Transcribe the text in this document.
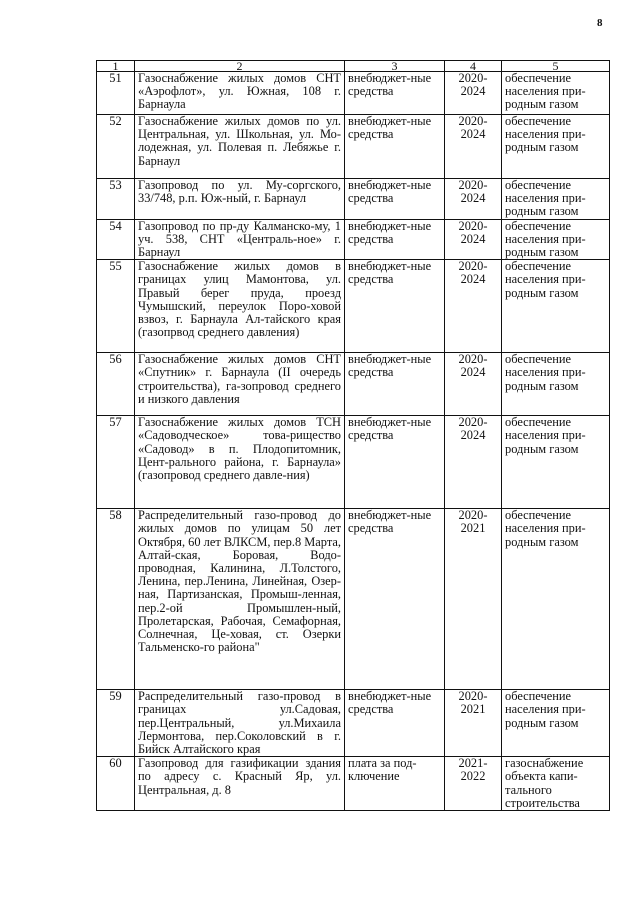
8
1	2	3	4	5
51	Газоснабжение жилых домов СНТ «Аэрофлот», ул. Южная, 108 г. Барнаула	внебюджет-ные средства	2020-2024	обеспечение населения при-родным газом
52	Газоснабжение жилых домов по ул. Центральная, ул. Школьная, ул. Мо-лодежная, ул. Полевая п. Лебяжье г. Барнаул	внебюджет-ные средства	2020-2024	обеспечение населения при-родным газом
53	Газопровод по ул. Му-соргского, 33/748, р.п. Юж-ный, г. Барнаул	внебюджет-ные средства	2020-2024	обеспечение населения при-родным газом
54	Газопровод по пр-ду Калманско-му, 1 уч. 538, СНТ «Централь-ное» г. Барнаул	внебюджет-ные средства	2020-2024	обеспечение населения при-родным газом
55	Газоснабжение жилых домов в границах улиц Мамонтова, ул. Правый берег пруда, проезд Чумышский, переулок Поро-ховой взвоз, г. Барнаула Ал-тайского края (газопрвод среднего давления)	внебюджет-ные средства	2020-2024	обеспечение населения при-родным газом
56	Газоснабжение жилых домов СНТ «Спутник» г. Барнаула (II очередь строительства), га-зопровод среднего и низкого давления	внебюджет-ные средства	2020-2024	обеспечение населения при-родным газом
57	Газоснабжение жилых домов ТСН «Садоводческое» това-рищество «Садовод» в п. Плодопитомник, Цент-рального района, г. Барнаула» (газопровод среднего давле-ния)	внебюджет-ные средства	2020-2024	обеспечение населения при-родным газом
58	Распределительный газо-провод до жилых домов по улицам 50 лет Октября, 60 лет ВЛКСМ, пер.8 Марта, Алтай-ская, Боровая, Водо-проводная, Калинина, Л.Толстого, Ленина, пер.Ленина, Линейная, Озер-ная, Партизанская, Промыш-ленная, пер.2-ой Промышлен-ный, Пролетарская, Рабочая, Семафорная, Солнечная, Це-ховая, ст. Озерки Тальменско-го района"	внебюджет-ные средства	2020-2021	обеспечение населения при-родным газом
59	Распределительный газо-провод в границах ул.Садовая, пер.Центральный, ул.Михаила Лермонтова, пер.Соколовский в г. Бийск Алтайского края	внебюджет-ные средства	2020-2021	обеспечение населения при-родным газом
60	Газопровод для газификации здания по адресу с. Красный Яр, ул. Центральная, д. 8	плата за под-ключение	2021-2022	газоснабжение объекта капи-тального строительства
